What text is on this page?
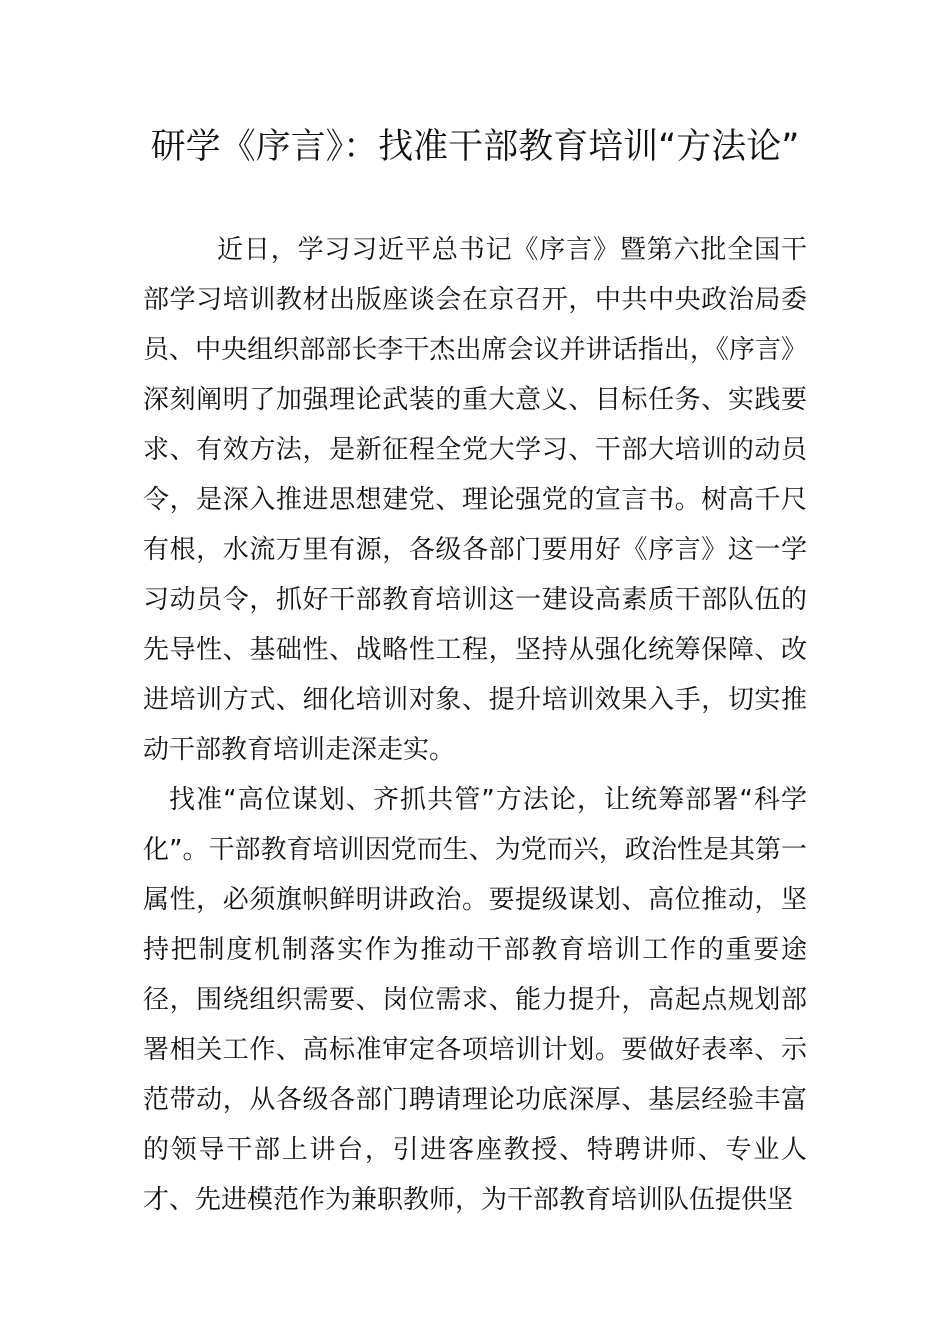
研学《序言》：找准干部教育培训“方法论”

近日，学习习近平总书记《序言》暨第六批全国干部学习培训教材出版座谈会在京召开，中共中央政治局委员、中央组织部部长李干杰出席会议并讲话指出，《序言》深刻阐明了加强理论武装的重大意义、目标任务、实践要求、有效方法，是新征程全党大学习、干部大培训的动员令，是深入推进思想建党、理论强党的宣言书。树高千尺有根，水流万里有源，各级各部门要用好《序言》这一学习动员令，抓好干部教育培训这一建设高素质干部队伍的先导性、基础性、战略性工程，坚持从强化统筹保障、改进培训方式、细化培训对象、提升培训效果入手，切实推动干部教育培训走深走实。

找准“高位谋划、齐抓共管”方法论，让统筹部署“科学化”。干部教育培训因党而生、为党而兴，政治性是其第一属性，必须旗帜鲜明讲政治。要提级谋划、高位推动，坚持把制度机制落实作为推动干部教育培训工作的重要途径，围绕组织需要、岗位需求、能力提升，高起点规划部署相关工作、高标准审定各项培训计划。要做好表率、示范带动，从各级各部门聘请理论功底深厚、基层经验丰富的领导干部上讲台，引进客座教授、特聘讲师、专业人才、先进模范作为兼职教师，为干部教育培训队伍提供坚
